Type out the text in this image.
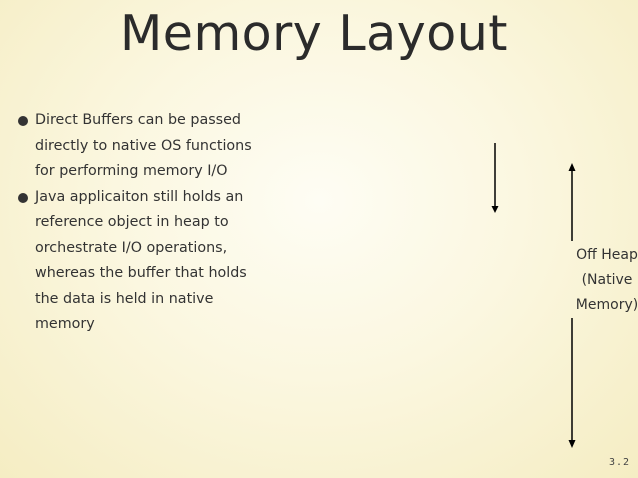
Memory Layout
Direct Buffers can be passed directly to native OS functions for performing memory I/O
Java applicaiton still holds an reference object in heap to orchestrate I/O operations, whereas the buffer that holds the data is held in native memory
Off Heap
(Native
Memory)
3.2
